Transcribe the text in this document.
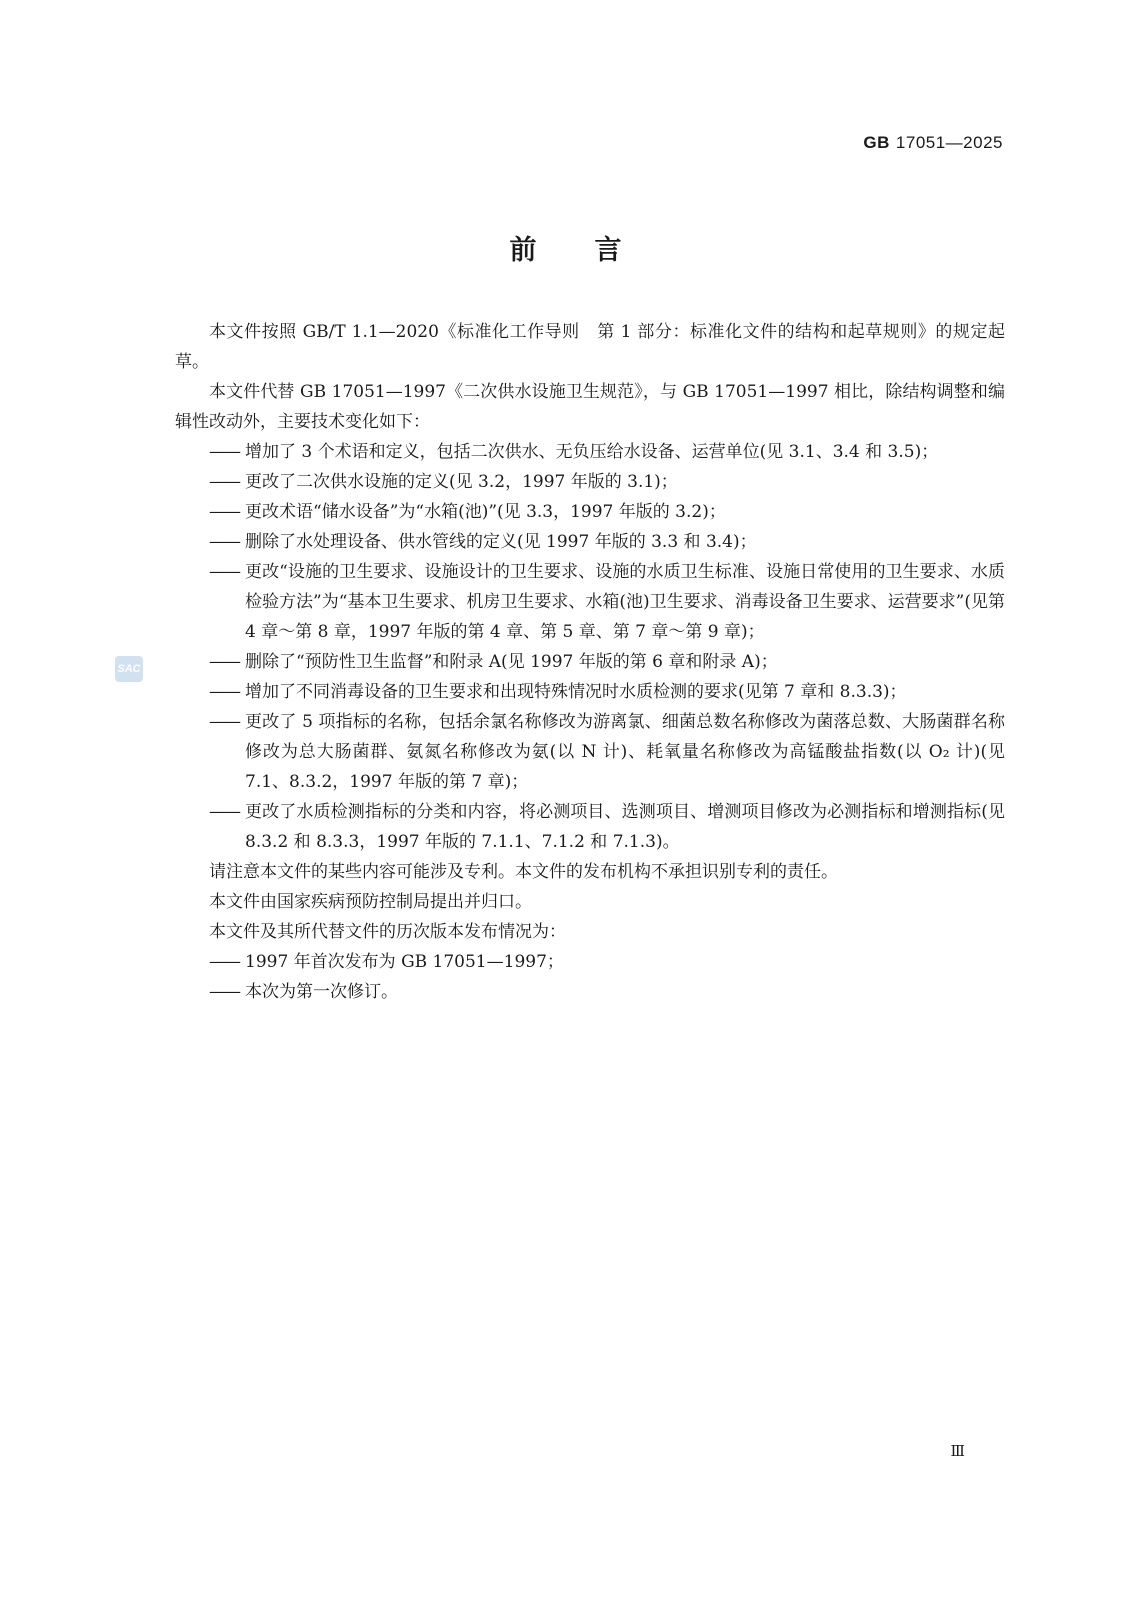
GB 17051—2025
前言

本文件按照 GB/T 1.1—2020《标准化工作导则　第 1 部分：标准化文件的结构和起草规则》的规定起草。

本文件代替 GB 17051—1997《二次供水设施卫生规范》，与 GB 17051—1997 相比，除结构调整和编辑性改动外，主要技术变化如下：

—— 增加了 3 个术语和定义，包括二次供水、无负压给水设备、运营单位(见 3.1、3.4 和 3.5)；

—— 更改了二次供水设施的定义(见 3.2，1997 年版的 3.1)；

—— 更改术语“储水设备”为“水箱(池)”(见 3.3，1997 年版的 3.2)；

—— 删除了水处理设备、供水管线的定义(见 1997 年版的 3.3 和 3.4)；

—— 更改“设施的卫生要求、设施设计的卫生要求、设施的水质卫生标准、设施日常使用的卫生要求、水质检验方法”为“基本卫生要求、机房卫生要求、水箱(池)卫生要求、消毒设备卫生要求、运营要求”(见第 4 章～第 8 章，1997 年版的第 4 章、第 5 章、第 7 章～第 9 章)；

—— 删除了“预防性卫生监督”和附录 A(见 1997 年版的第 6 章和附录 A)；

—— 增加了不同消毒设备的卫生要求和出现特殊情况时水质检测的要求(见第 7 章和 8.3.3)；

—— 更改了 5 项指标的名称，包括余氯名称修改为游离氯、细菌总数名称修改为菌落总数、大肠菌群名称修改为总大肠菌群、氨氮名称修改为氨(以 N 计)、耗氧量名称修改为高锰酸盐指数(以 O₂ 计)(见 7.1、8.3.2，1997 年版的第 7 章)；

—— 更改了水质检测指标的分类和内容，将必测项目、选测项目、增测项目修改为必测指标和增测指标(见 8.3.2 和 8.3.3，1997 年版的 7.1.1、7.1.2 和 7.1.3)。

请注意本文件的某些内容可能涉及专利。本文件的发布机构不承担识别专利的责任。

本文件由国家疾病预防控制局提出并归口。

本文件及其所代替文件的历次版本发布情况为：

—— 1997 年首次发布为 GB 17051—1997；

—— 本次为第一次修订。

SAC
Ⅲ
